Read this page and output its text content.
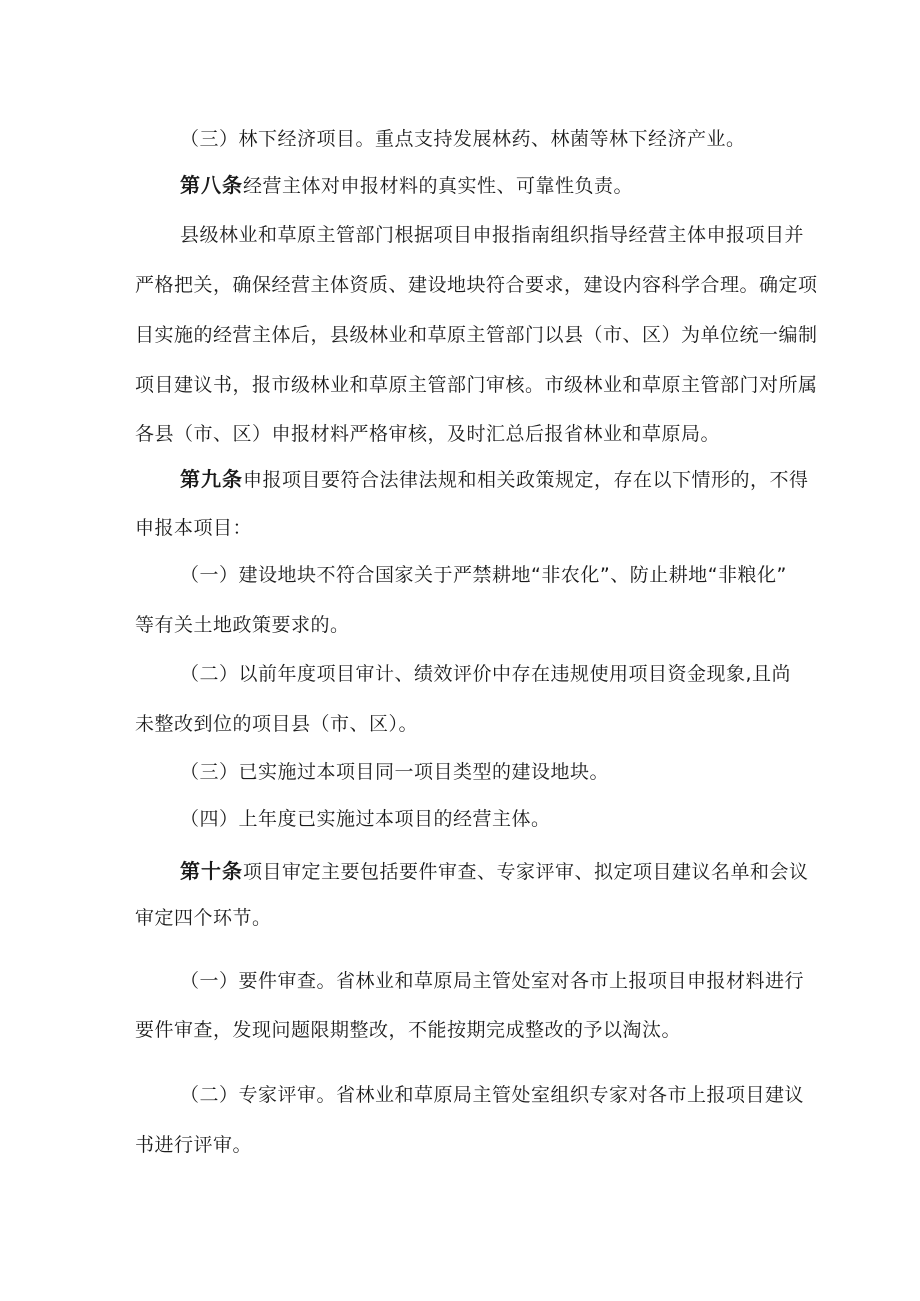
（三）林下经济项目。重点支持发展林药、林菌等林下经济产业。
第八条经营主体对申报材料的真实性、可靠性负责。
县级林业和草原主管部门根据项目申报指南组织指导经营主体申报项目并
严格把关，确保经营主体资质、建设地块符合要求，建设内容科学合理。确定项
目实施的经营主体后，县级林业和草原主管部门以县（市、区）为单位统一编制
项目建议书，报市级林业和草原主管部门审核。市级林业和草原主管部门对所属
各县（市、区）申报材料严格审核，及时汇总后报省林业和草原局。
第九条申报项目要符合法律法规和相关政策规定，存在以下情形的，不得
申报本项目：
（一）建设地块不符合国家关于严禁耕地“非农化”、防止耕地“非粮化”
等有关土地政策要求的。
（二）以前年度项目审计、绩效评价中存在违规使用项目资金现象,且尚
未整改到位的项目县（市、区）。
（三）已实施过本项目同一项目类型的建设地块。
（四）上年度已实施过本项目的经营主体。
第十条项目审定主要包括要件审查、专家评审、拟定项目建议名单和会议
审定四个环节。
（一）要件审查。省林业和草原局主管处室对各市上报项目申报材料进行
要件审查，发现问题限期整改，不能按期完成整改的予以淘汰。
（二）专家评审。省林业和草原局主管处室组织专家对各市上报项目建议
书进行评审。
